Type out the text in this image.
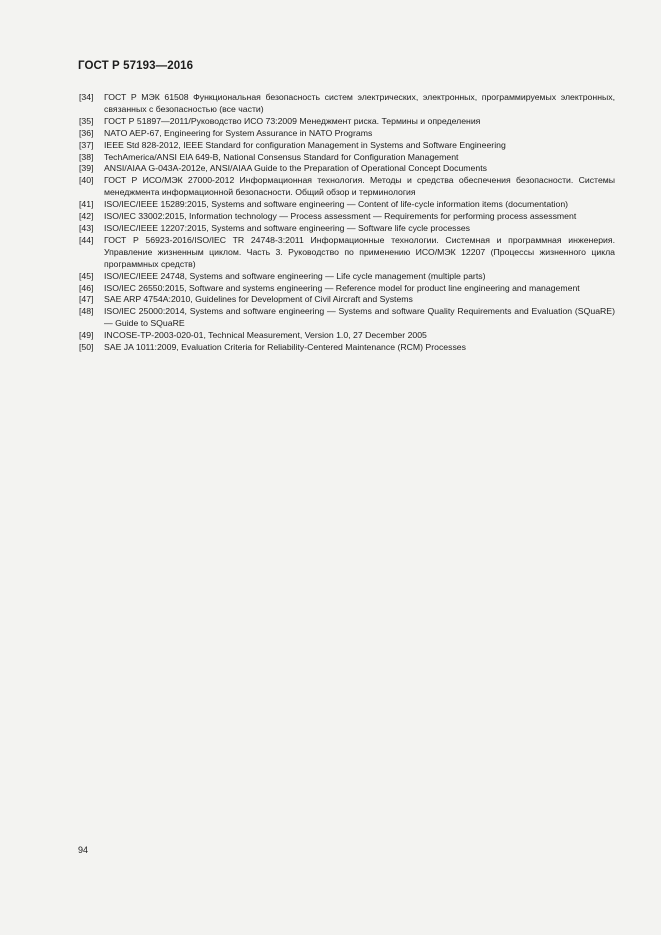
ГОСТ Р 57193—2016
[34]	ГОСТ Р МЭК 61508 Функциональная безопасность систем электрических, электронных, программируемых электронных, связанных с безопасностью (все части)
[35]	ГОСТ Р 51897—2011/Руководство ИСО 73:2009 Менеджмент риска. Термины и определения
[36]	NATO AEP-67, Engineering for System Assurance in NATO Programs
[37]	IEEE Std 828-2012, IEEE Standard for configuration Management in Systems and Software Engineering
[38]	TechAmerica/ANSI EIA 649-B, National Consensus Standard for Configuration Management
[39]	ANSI/AIAA G-043A-2012e, ANSI/AIAA Guide to the Preparation of Operational Concept Documents
[40]	ГОСТ Р ИСО/МЭК 27000-2012 Информационная технология. Методы и средства обеспечения безопасности. Системы менеджмента информационной безопасности. Общий обзор и терминология
[41]	ISO/IEC/IEEE 15289:2015, Systems and software engineering — Content of life-cycle information items (documentation)
[42]	ISO/IEC 33002:2015, Information technology — Process assessment — Requirements for performing process assessment
[43]	ISO/IEC/IEEE 12207:2015, Systems and software engineering — Software life cycle processes
[44]	ГОСТ Р 56923-2016/ISO/IEC TR 24748-3:2011 Информационные технологии. Системная и программная инженерия. Управление жизненным циклом. Часть 3. Руководство по применению ИСО/МЭК 12207 (Процессы жизненного цикла программных средств)
[45]	ISO/IEC/IEEE 24748, Systems and software engineering — Life cycle management (multiple parts)
[46]	ISO/IEC 26550:2015, Software and systems engineering — Reference model for product line engineering and management
[47]	SAE ARP 4754A:2010, Guidelines for Development of Civil Aircraft and Systems
[48]	ISO/IEC 25000:2014, Systems and software engineering — Systems and software Quality Requirements and Evaluation (SQuaRE) — Guide to SQuaRE
[49]	INCOSE-TP-2003-020-01, Technical Measurement, Version 1.0, 27 December 2005
[50]	SAE JA 1011:2009, Evaluation Criteria for Reliability-Centered Maintenance (RCM) Processes
94
